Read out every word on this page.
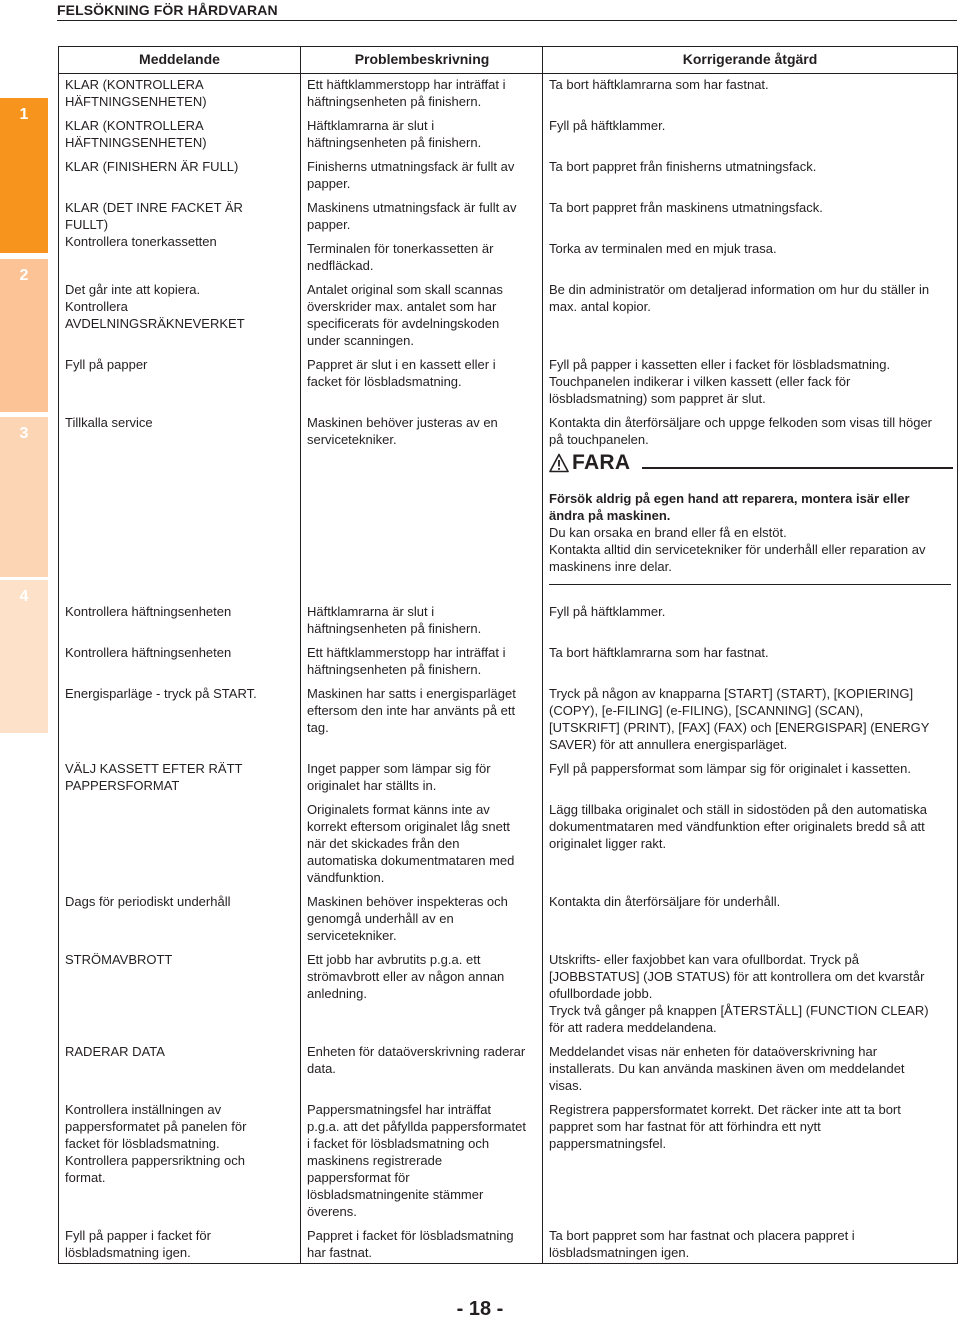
FELSÖKNING FÖR HÅRDVARAN
1
2
3
4
Meddelande	Problembeskrivning	Korrigerande åtgärd
KLAR (KONTROLLERA
HÄFTNINGSENHETEN)
KLAR (KONTROLLERA
HÄFTNINGSENHETEN)
KLAR (FINISHERN ÄR FULL)
KLAR (DET INRE FACKET ÄR
FULLT)
Kontrollera tonerkassetten
Det går inte att kopiera.
Kontrollera
AVDELNINGSRÄKNEVERKET
Fyll på papper
Tillkalla service
Kontrollera häftningsenheten
Kontrollera häftningsenheten
Energisparläge - tryck på START.
VÄLJ KASSETT EFTER RÄTT
PAPPERSFORMAT
Dags för periodiskt underhåll
STRÖMAVBROTT
RADERAR DATA
Kontrollera inställningen av
pappersformatet på panelen för
facket för lösbladsmatning.
Kontrollera pappersriktning och
format.
Fyll på papper i facket för
lösbladsmatning igen.
Ett häftklammerstopp har inträffat i
häftningsenheten på finishern.
Häftklamrarna är slut i
häftningsenheten på finishern.
Finisherns utmatningsfack är fullt av
papper.
Maskinens utmatningsfack är fullt av
papper.
Terminalen för tonerkassetten är
nedfläckad.
Antalet original som skall scannas
överskrider max. antalet som har
specificerats för avdelningskoden
under scanningen.
Pappret är slut i en kassett eller i
facket för lösbladsmatning.
Maskinen behöver justeras av en
servicetekniker.
Häftklamrarna är slut i
häftningsenheten på finishern.
Ett häftklammerstopp har inträffat i
häftningsenheten på finishern.
Maskinen har satts i energisparläget
eftersom den inte har använts på ett
tag.
Inget papper som lämpar sig för
originalet har ställts in.
Originalets format känns inte av
korrekt eftersom originalet låg snett
när det skickades från den
automatiska dokumentmataren med
vändfunktion.
Maskinen behöver inspekteras och
genomgå underhåll av en
servicetekniker.
Ett jobb har avbrutits p.g.a. ett
strömavbrott eller av någon annan
anledning.
Enheten för dataöverskrivning raderar
data.
Pappersmatningsfel har inträffat
p.g.a. att det påfyllda pappersformatet
i facket för lösbladsmatning och
maskinens registrerade
pappersformat för
lösbladsmatningenite stämmer
överens.
Pappret i facket för lösbladsmatning
har fastnat.
Ta bort häftklamrarna som har fastnat.
Fyll på häftklammer.
Ta bort pappret från finisherns utmatningsfack.
Ta bort pappret från maskinens utmatningsfack.
Torka av terminalen med en mjuk trasa.
Be din administratör om detaljerad information om hur du ställer in
max. antal kopior.
Fyll på papper i kassetten eller i facket för lösbladsmatning.
Touchpanelen indikerar i vilken kassett (eller fack för
lösbladsmatning) som pappret är slut.
Kontakta din återförsäljare och uppge felkoden som visas till höger
på touchpanelen.
Fyll på häftklammer.
Ta bort häftklamrarna som har fastnat.
Tryck på någon av knapparna [START] (START), [KOPIERING]
(COPY), [e-FILING] (e-FILING), [SCANNING] (SCAN),
[UTSKRIFT] (PRINT), [FAX] (FAX) och [ENERGISPAR] (ENERGY
SAVER) för att annullera energisparläget.
Fyll på pappersformat som lämpar sig för originalet i kassetten.
Lägg tillbaka originalet och ställ in sidostöden på den automatiska
dokumentmataren med vändfunktion efter originalets bredd så att
originalet ligger rakt.
Kontakta din återförsäljare för underhåll.
Utskrifts- eller faxjobbet kan vara ofullbordat. Tryck på
[JOBBSTATUS] (JOB STATUS) för att kontrollera om det kvarstår
ofullbordade jobb.
Tryck två gånger på knappen [ÅTERSTÄLL] (FUNCTION CLEAR)
för att radera meddelandena.
Meddelandet visas när enheten för dataöverskrivning har
installerats. Du kan använda maskinen även om meddelandet
visas.
Registrera pappersformatet korrekt. Det räcker inte att ta bort
pappret som har fastnat för att förhindra ett nytt
pappersmatningsfel.
Ta bort pappret som har fastnat och placera pappret i
lösbladsmatningen igen.
FARA
Försök aldrig på egen hand att reparera, montera isär eller
ändra på maskinen.
Du kan orsaka en brand eller få en elstöt.
Kontakta alltid din servicetekniker för underhåll eller reparation av
maskinens inre delar.
- 18 -
